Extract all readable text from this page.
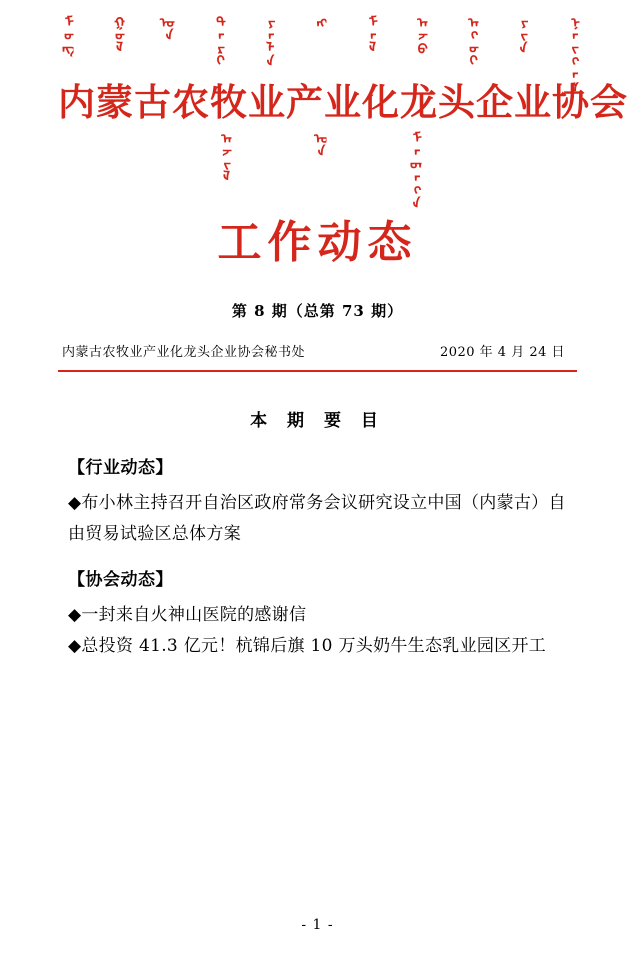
ᠮᠣᠩ	ᠭᠣᠯ	ᠦᠨ	ᠲᠠᠷᠢ	ᠶᠠᠯᠠ	ᠩ	ᠮᠠᠯ	ᠠᠵᠤ	ᠠᠬᠤᠢ	ᠶᠢᠨ	ᠨᠡᠢᠭᠡᠮ
内蒙古农牧业产业化龙头企业协会
ᠠᠵᠢᠯ	ᠤᠨ	ᠮᠡᠳᠡᠭᠡ
工作动态
第 8 期（总第 73 期）
内蒙古农牧业产业化龙头企业协会秘书处	2020 年 4 月 24 日
本 期 要 目
【行业动态】
◆布小林主持召开自治区政府常务会议研究设立中国（内蒙古）自由贸易试验区总体方案
【协会动态】
◆一封来自火神山医院的感谢信
◆总投资 41.3 亿元！杭锦后旗 10 万头奶牛生态乳业园区开工
- 1 -
